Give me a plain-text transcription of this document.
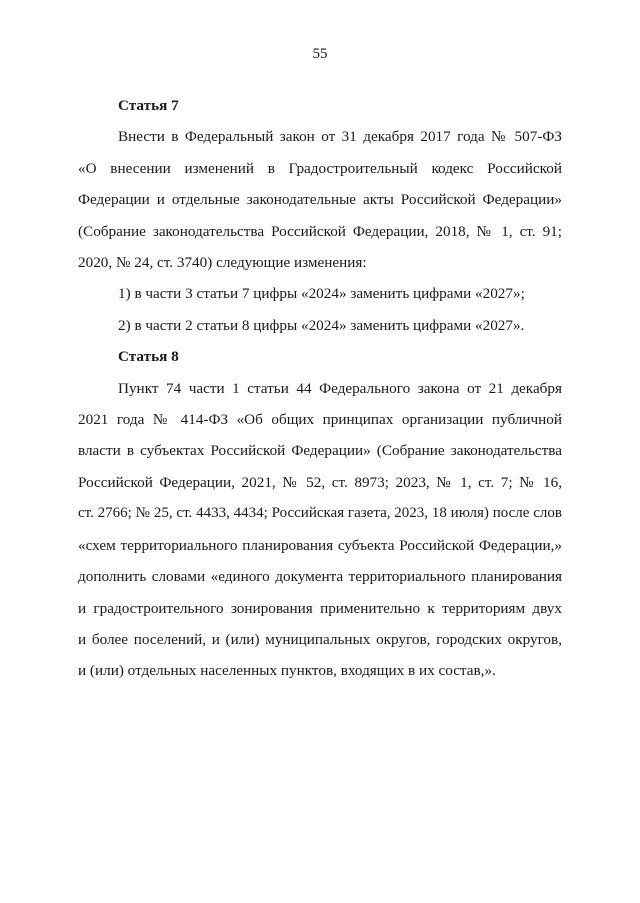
55

Статья 7

Внести в Федеральный закон от 31 декабря 2017 года № 507-ФЗ
«О внесении изменений в Градостроительный кодекс Российской
Федерации и отдельные законодательные акты Российской Федерации»
(Собрание законодательства Российской Федерации, 2018, № 1, ст. 91;
2020, № 24, ст. 3740) следующие изменения:

1) в части 3 статьи 7 цифры «2024» заменить цифрами «2027»;

2) в части 2 статьи 8 цифры «2024» заменить цифрами «2027».

Статья 8

Пункт 74 части 1 статьи 44 Федерального закона от 21 декабря
2021 года № 414-ФЗ «Об общих принципах организации публичной
власти в субъектах Российской Федерации» (Собрание законодательства
Российской Федерации, 2021, № 52, ст. 8973; 2023, № 1, ст. 7; № 16,
ст. 2766; № 25, ст. 4433, 4434; Российская газета, 2023, 18 июля) после слов
«схем территориального планирования субъекта Российской Федерации,»
дополнить словами «единого документа территориального планирования
и градостроительного зонирования применительно к территориям двух
и более поселений, и (или) муниципальных округов, городских округов,
и (или) отдельных населенных пунктов, входящих в их состав,».
